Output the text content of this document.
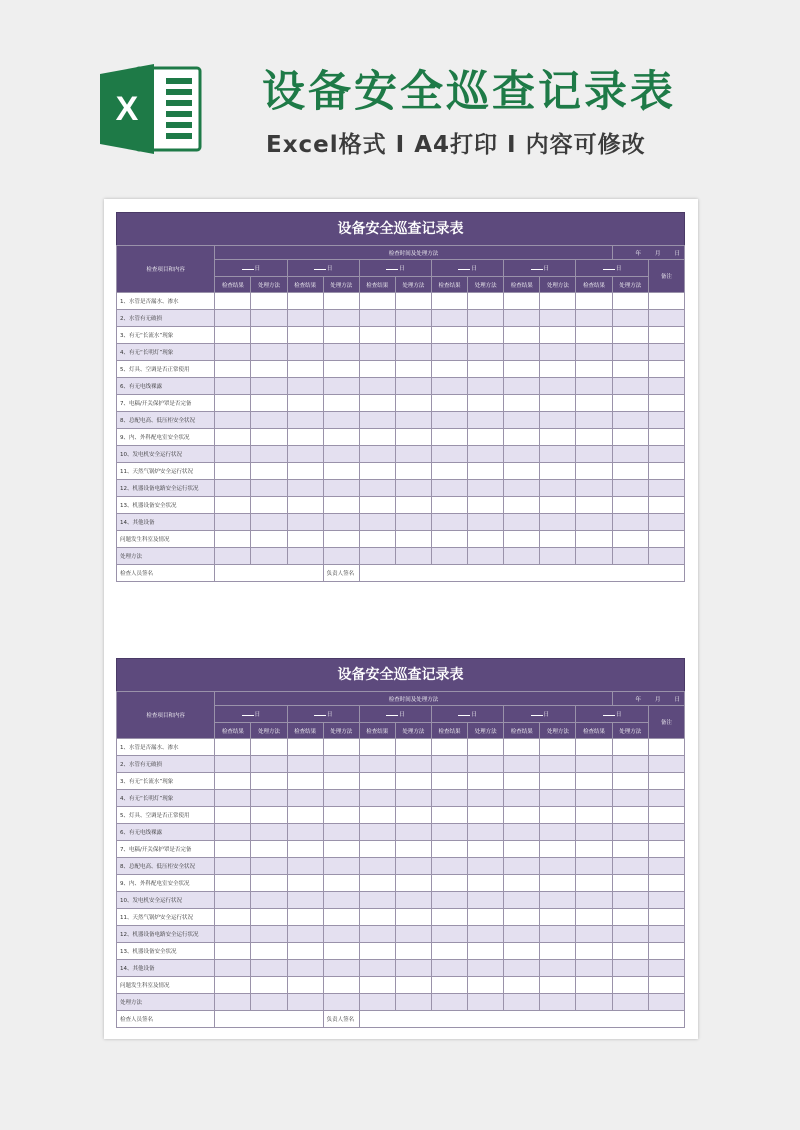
X	设备安全巡查记录表
Excel格式 I A4打印 I 内容可修改
设备安全巡查记录表
检查项目和内容	检查时间及处理方法											年 月 日	
	日		日		日		日		日		日		备注
	检查结果	处理方法	检查结果	处理方法	检查结果	处理方法	检查结果	处理方法	检查结果	处理方法	检查结果	处理方法	
1、水管是否漏水、渗水													
2、水管有无破损													
3、有无“长流水”现象													
4、有无“长明灯”现象													
5、灯具、空调是否正常使用													
6、有无电线裸露													
7、电稿/开关保护罩是否完备													
8、总配电高、低压柜安全状况													
9、内、外科配电室安全状况													
10、发电机安全运行状况													
11、天然气锅炉安全运行状况													
12、机器设备电路安全运行状况													
13、机器设备安全状况													
14、其他设备													
问题发生科室及情况													
处理方法													
检查人员签名				负责人签名									
设备安全巡查记录表
检查项目和内容	检查时间及处理方法											年 月 日	
	日		日		日		日		日		日		备注
	检查结果	处理方法	检查结果	处理方法	检查结果	处理方法	检查结果	处理方法	检查结果	处理方法	检查结果	处理方法	
1、水管是否漏水、渗水													
2、水管有无破损													
3、有无“长流水”现象													
4、有无“长明灯”现象													
5、灯具、空调是否正常使用													
6、有无电线裸露													
7、电稿/开关保护罩是否完备													
8、总配电高、低压柜安全状况													
9、内、外科配电室安全状况													
10、发电机安全运行状况													
11、天然气锅炉安全运行状况													
12、机器设备电路安全运行状况													
13、机器设备安全状况													
14、其他设备													
问题发生科室及情况													
处理方法													
检查人员签名				负责人签名									
